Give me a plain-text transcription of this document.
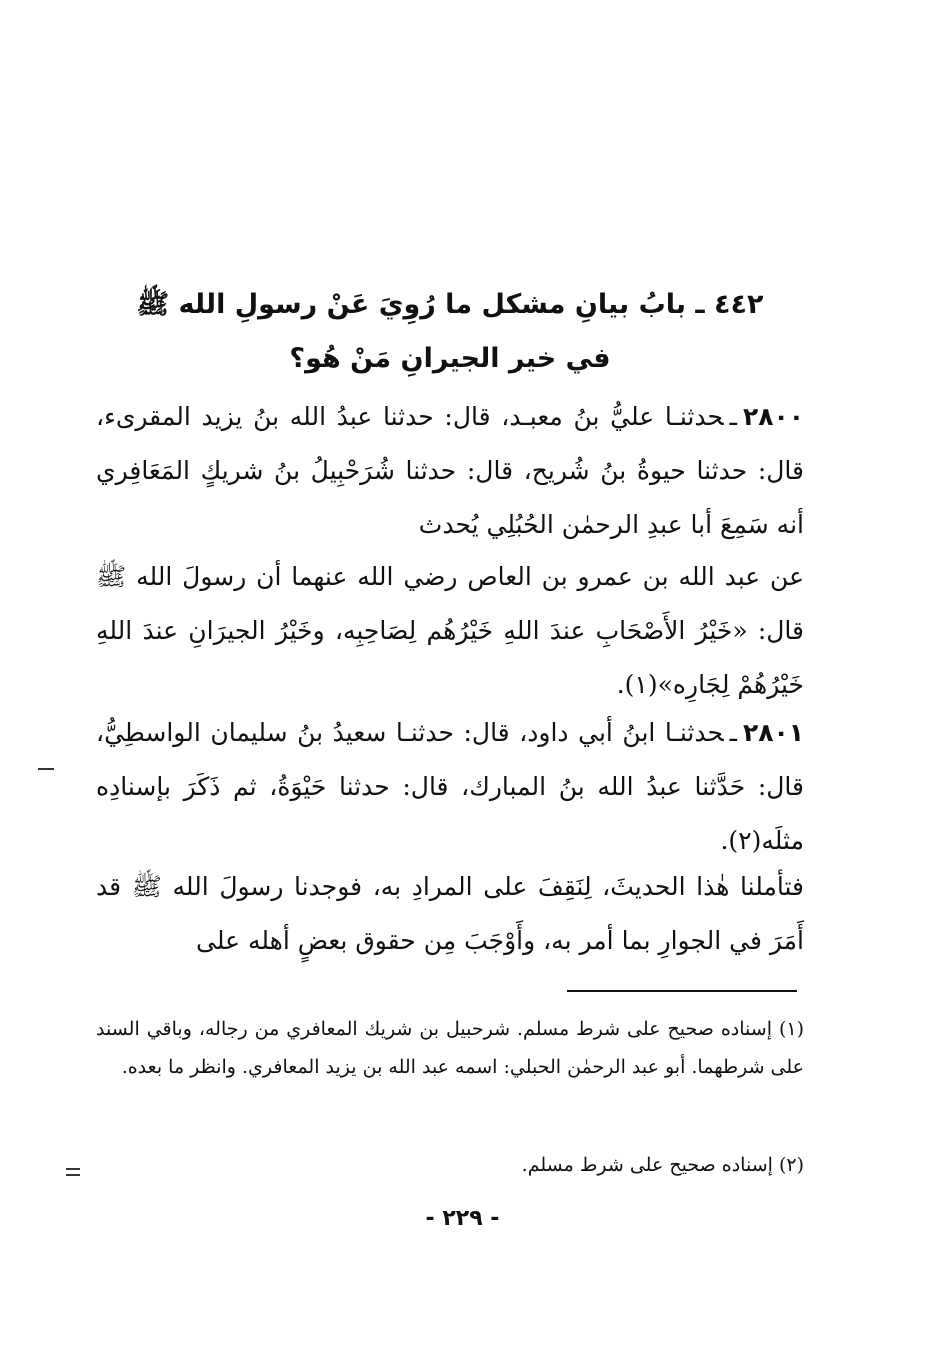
٤٤٢ ـ بابُ بيانِ مشكل ما رُوِيَ عَنْ رسولِ الله ﷺ
في خير الجيرانِ مَنْ هُو؟

٢٨٠٠ـحدثنـا عليُّ بنُ معبـد، قال: حدثنا عبدُ الله بنُ يزيد المقرىء، قال: حدثنا حيوةُ بنُ شُريح، قال: حدثنا شُرَحْبِيلُ بنُ شريكٍ المَعَافِري أنه سَمِعَ أبا عبدِ الرحمٰن الحُبُلِي يُحدث

عن عبد الله بن عمرو بن العاص رضي الله عنهما أن رسولَ الله ﷺ قال: «خَيْرُ الأَصْحَابِ عندَ اللهِ خَيْرُهُم لِصَاحِبِه، وخَيْرُ الجيرَانِ عندَ اللهِ خَيْرُهُمْ لِجَارِه»(١).

٢٨٠١ـحدثنـا ابنُ أبي داود، قال: حدثنـا سعيدُ بنُ سليمان الواسطِيُّ، قال: حَدَّثنا عبدُ الله بنُ المبارك، قال: حدثنا حَيْوَةُ، ثم ذَكَرَ بإسنادِه مثلَه(٢).

فتأملنا هٰذا الحديثَ، لِنَقِفَ على المرادِ به، فوجدنا رسولَ الله ﷺ قد أَمَرَ في الجوارِ بما أمر به، وأَوْجَبَ مِن حقوق بعضٍ أهله على

(١) إسناده صحيح على شرط مسلم. شرحبيل بن شريك المعافري من رجاله، وباقي السند على شرطهما. أبو عبد الرحمٰن الحبلي: اسمه عبد الله بن يزيد المعافري. وانظر ما بعده.

(٢) إسناده صحيح على شرط مسلم.

- ٢٢٩ -
